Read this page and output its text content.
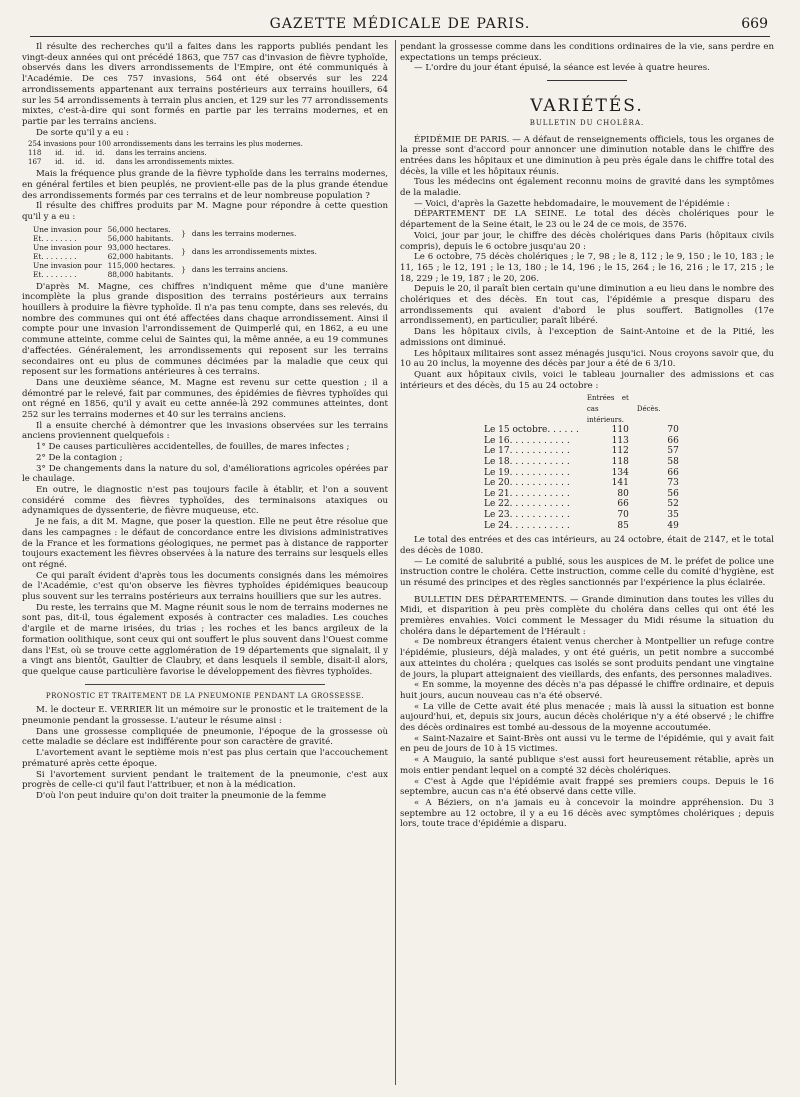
GAZETTE MÉDICALE DE PARIS.	669

Il résulte des recherches qu'il a faites dans les rapports publiés pendant les vingt-deux années qui ont précédé 1863, que 757 cas d'invasion de fièvre typhoïde, observés dans les divers arrondissements de l'Empire, ont été communiqués à l'Académie. De ces 757 invasions, 564 ont été observés sur les 224 arrondissements appartenant aux terrains postérieurs aux terrains houillers, 64 sur les 54 arrondissements à terrain plus ancien, et 129 sur les 77 arrondissements mixtes, c'est-à-dire qui sont formés en partie par les terrains modernes, et en partie par les terrains anciens.

De sorte qu'il y a eu :

254 invasions pour 100 arrondissements dans les terrains les plus modernes.				
118	id.	id.	id.	dans les terrains anciens.
167	id.	id.	id.	dans les arrondissements mixtes.

Mais la fréquence plus grande de la fièvre typhoïde dans les terrains modernes, en général fertiles et bien peuplés, ne provient-elle pas de la plus grande étendue des arrondissements formés par ces terrains et de leur nombreuse population ?

Il résulte des chiffres produits par M. Magne pour répondre à cette question qu'il y a eu :

Une invasion pour	56,000 hectares.	}	dans les terrains modernes.
Et. . . . . . . .	56,000 habitants.		
Une invasion pour	93,000 hectares.	}	dans les arrondissements mixtes.
Et. . . . . . . .	62,000 habitants.		
Une invasion pour	115,000 hectares.	}	dans les terrains anciens.
Et. . . . . . . .	88,000 habitants.		

D'après M. Magne, ces chiffres n'indiquent même que d'une manière incomplète la plus grande disposition des terrains postérieurs aux terrains houillers à produire la fièvre typhoïde. Il n'a pas tenu compte, dans ses relevés, du nombre des communes qui ont été affectées dans chaque arrondissement. Ainsi il compte pour une invasion l'arrondissement de Quimperlé qui, en 1862, a eu une commune atteinte, comme celui de Saintes qui, la même année, a eu 19 communes d'affectées. Généralement, les arrondissements qui reposent sur les terrains secondaires ont eu plus de communes décimées par la maladie que ceux qui reposent sur les formations antérieures à ces terrains.

Dans une deuxième séance, M. Magne est revenu sur cette question ; il a démontré par le relevé, fait par communes, des épidémies de fièvres typhoïdes qui ont régné en 1856, qu'il y avait eu cette année-là 292 communes atteintes, dont 252 sur les terrains modernes et 40 sur les terrains anciens.

Il a ensuite cherché à démontrer que les invasions observées sur les terrains anciens proviennent quelquefois :

1° De causes particulières accidentelles, de fouilles, de mares infectes ;

2° De la contagion ;

3° De changements dans la nature du sol, d'améliorations agricoles opérées par le chaulage.

En outre, le diagnostic n'est pas toujours facile à établir, et l'on a souvent considéré comme des fièvres typhoïdes, des terminaisons ataxiques ou adynamiques de dyssenterie, de fièvre muqueuse, etc.

Je ne fais, a dit M. Magne, que poser la question. Elle ne peut être résolue que dans les campagnes : le défaut de concordance entre les divisions administratives de la France et les formations géologiques, ne permet pas à distance de rapporter toujours exactement les fièvres observées à la nature des terrains sur lesquels elles ont régné.

Ce qui paraît évident d'après tous les documents consignés dans les mémoires de l'Académie, c'est qu'on observe les fièvres typhoïdes épidémiques beaucoup plus souvent sur les terrains postérieurs aux terrains houilliers que sur les autres.

Du reste, les terrains que M. Magne réunit sous le nom de terrains modernes ne sont pas, dit-il, tous également exposés à contracter ces maladies. Les couches d'argile et de marne irisées, du trias ; les roches et les bancs argileux de la formation oolithique, sont ceux qui ont souffert le plus souvent dans l'Ouest comme dans l'Est, où se trouve cette agglomération de 19 départements que signalait, il y a vingt ans bientôt, Gaultier de Claubry, et dans lesquels il semble, disait-il alors, que quelque cause particulière favorise le développement des fièvres typhoïdes.

PRONOSTIC ET TRAITEMENT DE LA PNEUMONIE PENDANT LA GROSSESSE.

M. le docteur E. VERRIER lit un mémoire sur le pronostic et le traitement de la pneumonie pendant la grossesse. L'auteur le résume ainsi :

Dans une grossesse compliquée de pneumonie, l'époque de la grossesse où cette maladie se déclare est indifférente pour son caractère de gravité.

L'avortement avant le septième mois n'est pas plus certain que l'accouchement prématuré après cette époque.

Si l'avortement survient pendant le traitement de la pneumonie, c'est aux progrès de celle-ci qu'il faut l'attribuer, et non à la médication.

D'où l'on peut induire qu'on doit traiter la pneumonie de la femme

pendant la grossesse comme dans les conditions ordinaires de la vie, sans perdre en expectations un temps précieux.

— L'ordre du jour étant épuisé, la séance est levée à quatre heures.

VARIÉTÉS.

BULLETIN DU CHOLÉRA.

ÉPIDÉMIE DE PARIS. — A défaut de renseignements officiels, tous les organes de la presse sont d'accord pour annoncer une diminution notable dans le chiffre des entrées dans les hôpitaux et une diminution à peu près égale dans le chiffre total des décès, la ville et les hôpitaux réunis.

Tous les médecins ont également reconnu moins de gravité dans les symptômes de la maladie.

— Voici, d'après la Gazette hebdomadaire, le mouvement de l'épidémie :

DÉPARTEMENT DE LA SEINE. Le total des décès cholériques pour le département de la Seine était, le 23 ou le 24 de ce mois, de 3576.

Voici, jour par jour, le chiffre des décès cholériques dans Paris (hôpitaux civils compris), depuis le 6 octobre jusqu'au 20 :

Le 6 octobre, 75 décès cholériques ; le 7, 98 ; le 8, 112 ; le 9, 150 ; le 10, 183 ; le 11, 165 ; le 12, 191 ; le 13, 180 ; le 14, 196 ; le 15, 264 ; le 16, 216 ; le 17, 215 ; le 18, 229 ; le 19, 187 ; le 20, 206.

Depuis le 20, il paraît bien certain qu'une diminution a eu lieu dans le nombre des cholériques et des décès. En tout cas, l'épidémie a presque disparu des arrondissements qui avaient d'abord le plus souffert. Batignolles (17e arrondissement), en particulier, paraît libéré.

Dans les hôpitaux civils, à l'exception de Saint-Antoine et de la Pitié, les admissions ont diminué.

Les hôpitaux militaires sont assez ménagés jusqu'ici. Nous croyons savoir que, du 10 au 20 inclus, la moyenne des décès par jour a été de 6 3/10.

Quant aux hôpitaux civils, voici le tableau journalier des admissions et cas intérieurs et des décès, du 15 au 24 octobre :

	Entrées et cas intérieurs.	Décès.
Le 15 octobre. . . . . .	110	70
Le 16. . . . . . . . . . .	113	66
Le 17. . . . . . . . . . .	112	57
Le 18. . . . . . . . . . .	118	58
Le 19. . . . . . . . . . .	134	66
Le 20. . . . . . . . . . .	141	73
Le 21. . . . . . . . . . .	80	56
Le 22. . . . . . . . . . .	66	52
Le 23. . . . . . . . . . .	70	35
Le 24. . . . . . . . . . .	85	49

Le total des entrées et des cas intérieurs, au 24 octobre, était de 2147, et le total des décès de 1080.

— Le comité de salubrité a publié, sous les auspices de M. le préfet de police une instruction contre le choléra. Cette instruction, comme celle du comité d'hygiène, est un résumé des principes et des règles sanctionnés par l'expérience la plus éclairée.

BULLETIN DES DÉPARTEMENTS. — Grande diminution dans toutes les villes du Midi, et disparition à peu près complète du choléra dans celles qui ont été les premières envahies. Voici comment le Messager du Midi résume la situation du choléra dans le département de l'Hérault :

« De nombreux étrangers étaient venus chercher à Montpellier un refuge contre l'épidémie, plusieurs, déjà malades, y ont été guéris, un petit nombre a succombé aux atteintes du choléra ; quelques cas isolés se sont produits pendant une vingtaine de jours, la plupart atteignaient des vieillards, des enfants, des personnes maladives.

« En somme, la moyenne des décès n'a pas dépassé le chiffre ordinaire, et depuis huit jours, aucun nouveau cas n'a été observé.

« La ville de Cette avait été plus menacée ; mais là aussi la situation est bonne aujourd'hui, et, depuis six jours, aucun décès cholérique n'y a été observé ; le chiffre des décès ordinaires est tombé au-dessous de la moyenne accoutumée.

« Saint-Nazaire et Saint-Brès ont aussi vu le terme de l'épidémie, qui y avait fait en peu de jours de 10 à 15 victimes.

« A Mauguio, la santé publique s'est aussi fort heureusement rétablie, après un mois entier pendant lequel on a compté 32 décès cholériques.

« C'est à Agde que l'épidémie avait frappé ses premiers coups. Depuis le 16 septembre, aucun cas n'a été observé dans cette ville.

« A Béziers, on n'a jamais eu à concevoir la moindre appréhension. Du 3 septembre au 12 octobre, il y a eu 16 décès avec symptômes cholériques ; depuis lors, toute trace d'épidémie a disparu.
